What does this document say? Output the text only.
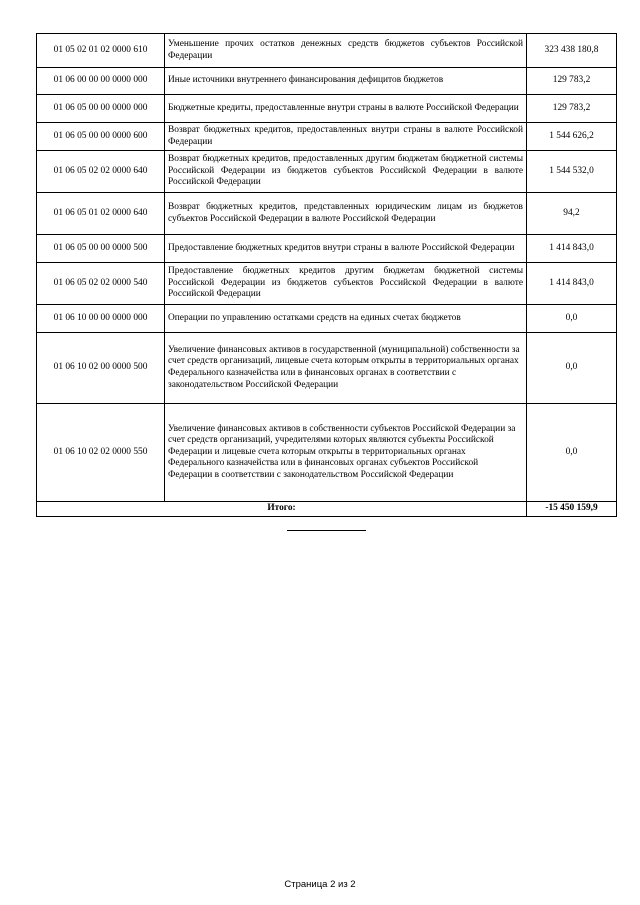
01 05 02 01 02 0000 610	Уменьшение прочих остатков денежных средств бюджетов субъектов Российской Федерации	323 438 180,8
01 06 00 00 00 0000 000	Иные источники внутреннего финансирования дефицитов бюджетов	129 783,2
01 06 05 00 00 0000 000	Бюджетные кредиты, предоставленные внутри страны в валюте Российской Федерации	129 783,2
01 06 05 00 00 0000 600	Возврат бюджетных кредитов, предоставленных внутри страны в валюте Российской Федерации	1 544 626,2
01 06 05 02 02 0000 640	Возврат бюджетных кредитов, предоставленных другим бюджетам бюджетной системы Российской Федерации из бюджетов субъектов Российской Федерации в валюте Российской Федерации	1 544 532,0
01 06 05 01 02 0000 640	Возврат бюджетных кредитов, представленных юридическим лицам из бюджетов субъектов Российской Федерации в валюте Российской Федерации	94,2
01 06 05 00 00 0000 500	Предоставление бюджетных кредитов внутри страны в валюте Российской Федерации	1 414 843,0
01 06 05 02 02 0000 540	Предоставление бюджетных кредитов другим бюджетам бюджетной системы Российской Федерации из бюджетов субъектов Российской Федерации в валюте Российской Федерации	1 414 843,0
01 06 10 00 00 0000 000	Операции по управлению остатками средств на единых счетах бюджетов	0,0
01 06 10 02 00 0000 500	Увеличение финансовых активов в государственной (муниципальной) собственности за счет средств организаций, лицевые счета которым открыты в территориальных органах Федерального казначейства или в финансовых органах в соответствии с законодательством Российской Федерации	0,0
01 06 10 02 02 0000 550	Увеличение финансовых активов в собственности субъектов Российской Федерации за счет средств организаций, учредителями которых являются субъекты Российской Федерации и лицевые счета которым открыты в территориальных органах Федерального казначейства или в финансовых органах субъектов Российской Федерации в соответствии с законодательством Российской Федерации	0,0
Итого:		-15 450 159,9
Страница 2 из 2
